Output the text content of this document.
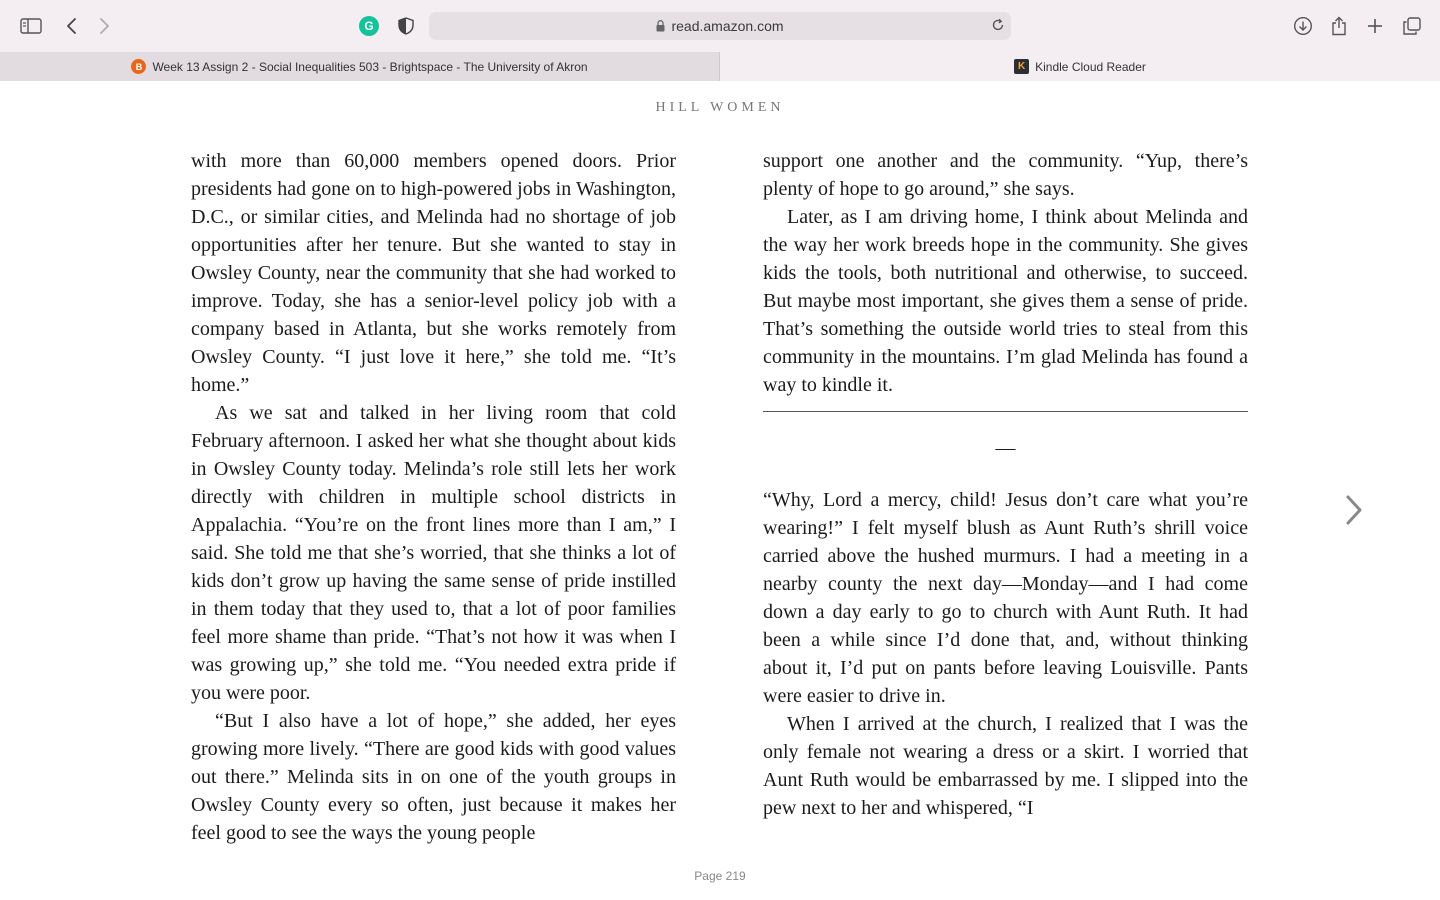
G	read.amazon.com
B Week 13 Assign 2 - Social Inequalities 503 - Brightspace - The University of Akron	K Kindle Cloud Reader
HILL WOMEN

with more than 60,000 members opened doors. Prior presidents had gone on to high-powered jobs in Washington, D.C., or similar cities, and Melinda had no shortage of job opportunities after her tenure. But she wanted to stay in Owsley County, near the community that she had worked to improve. Today, she has a senior-level policy job with a company based in Atlanta, but she works remotely from Owsley County. “I just love it here,” she told me. “It’s home.”

As we sat and talked in her living room that cold February afternoon. I asked her what she thought about kids in Owsley County today. Melinda’s role still lets her work directly with children in multiple school districts in Appalachia. “You’re on the front lines more than I am,” I said. She told me that she’s worried, that she thinks a lot of kids don’t grow up having the same sense of pride instilled in them today that they used to, that a lot of poor families feel more shame than pride. “That’s not how it was when I was growing up,” she told me. “You needed extra pride if you were poor.

“But I also have a lot of hope,” she added, her eyes growing more lively. “There are good kids with good values out there.” Melinda sits in on one of the youth groups in Owsley County every so often, just because it makes her feel good to see the ways the young people

support one another and the community. “Yup, there’s plenty of hope to go around,” she says.

Later, as I am driving home, I think about Melinda and the way her work breeds hope in the community. She gives kids the tools, both nutritional and otherwise, to succeed. But maybe most important, she gives them a sense of pride. That’s something the outside world tries to steal from this community in the mountains. I’m glad Melinda has found a way to kindle it.

—

“Why, Lord a mercy, child! Jesus don’t care what you’re wearing!” I felt myself blush as Aunt Ruth’s shrill voice carried above the hushed murmurs. I had a meeting in a nearby county the next day—Monday—and I had come down a day early to go to church with Aunt Ruth. It had been a while since I’d done that, and, without thinking about it, I’d put on pants before leaving Louisville. Pants were easier to drive in.

When I arrived at the church, I realized that I was the only female not wearing a dress or a skirt. I worried that Aunt Ruth would be embarrassed by me. I slipped into the pew next to her and whispered, “I

Page 219
